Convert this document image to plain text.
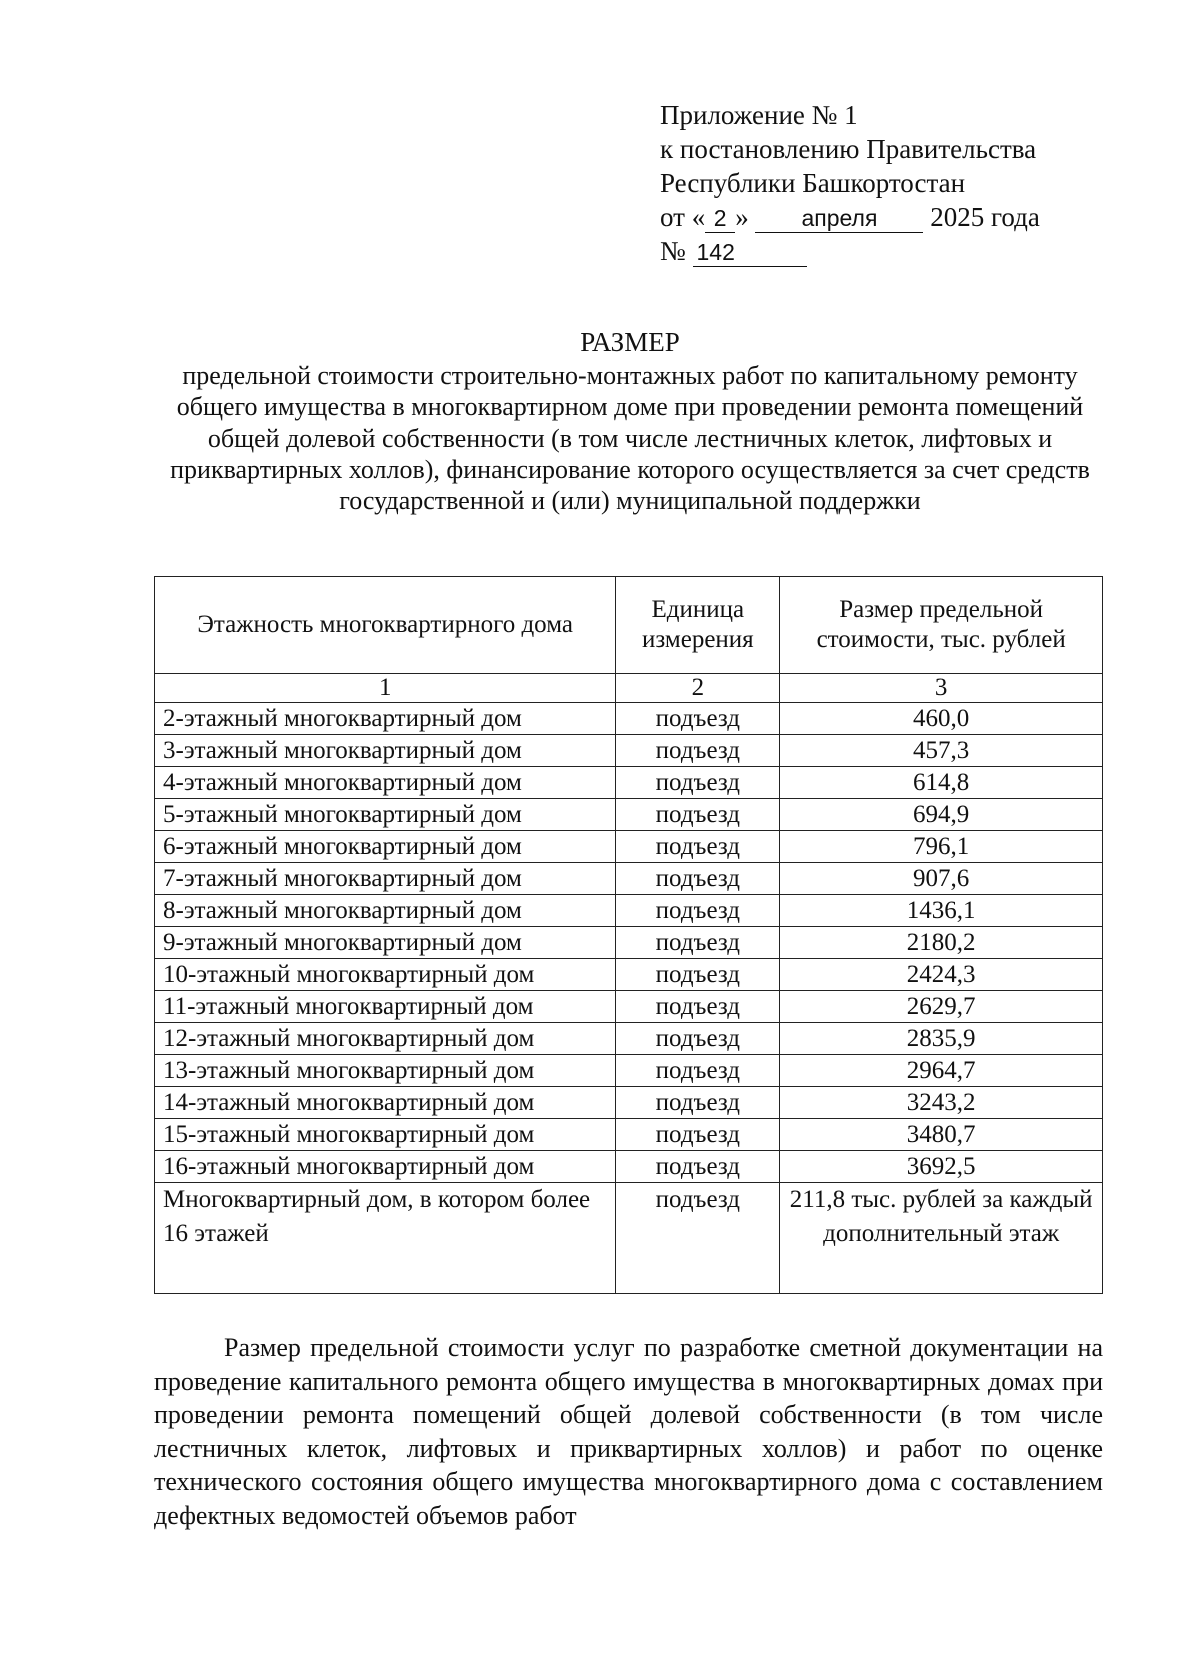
Приложение № 1
к постановлению Правительства
Республики Башкортостан
от « 2 » апреля 2025 года
№ 142
РАЗМЕР
предельной стоимости строительно-монтажных работ по капитальному ремонту общего имущества в многоквартирном доме при проведении ремонта помещений общей долевой собственности (в том числе лестничных клеток, лифтовых и приквартирных холлов), финансирование которого осуществляется за счет средств государственной и (или) муниципальной поддержки
Этажность многоквартирного дома	Единица измерения	Размер предельной стоимости, тыс. рублей
1	2	3
2-этажный многоквартирный дом	подъезд	460,0
3-этажный многоквартирный дом	подъезд	457,3
4-этажный многоквартирный дом	подъезд	614,8
5-этажный многоквартирный дом	подъезд	694,9
6-этажный многоквартирный дом	подъезд	796,1
7-этажный многоквартирный дом	подъезд	907,6
8-этажный многоквартирный дом	подъезд	1436,1
9-этажный многоквартирный дом	подъезд	2180,2
10-этажный многоквартирный дом	подъезд	2424,3
11-этажный многоквартирный дом	подъезд	2629,7
12-этажный многоквартирный дом	подъезд	2835,9
13-этажный многоквартирный дом	подъезд	2964,7
14-этажный многоквартирный дом	подъезд	3243,2
15-этажный многоквартирный дом	подъезд	3480,7
16-этажный многоквартирный дом	подъезд	3692,5
Многоквартирный дом, в котором более 16 этажей	подъезд	211,8 тыс. рублей за каждый дополнительный этаж
Размер предельной стоимости услуг по разработке сметной документации на проведение капитального ремонта общего имущества в многоквартирных домах при проведении ремонта помещений общей долевой собственности (в том числе лестничных клеток, лифтовых и приквартирных холлов) и работ по оценке технического состояния общего имущества многоквартирного дома с составлением дефектных ведомостей объемов работ
